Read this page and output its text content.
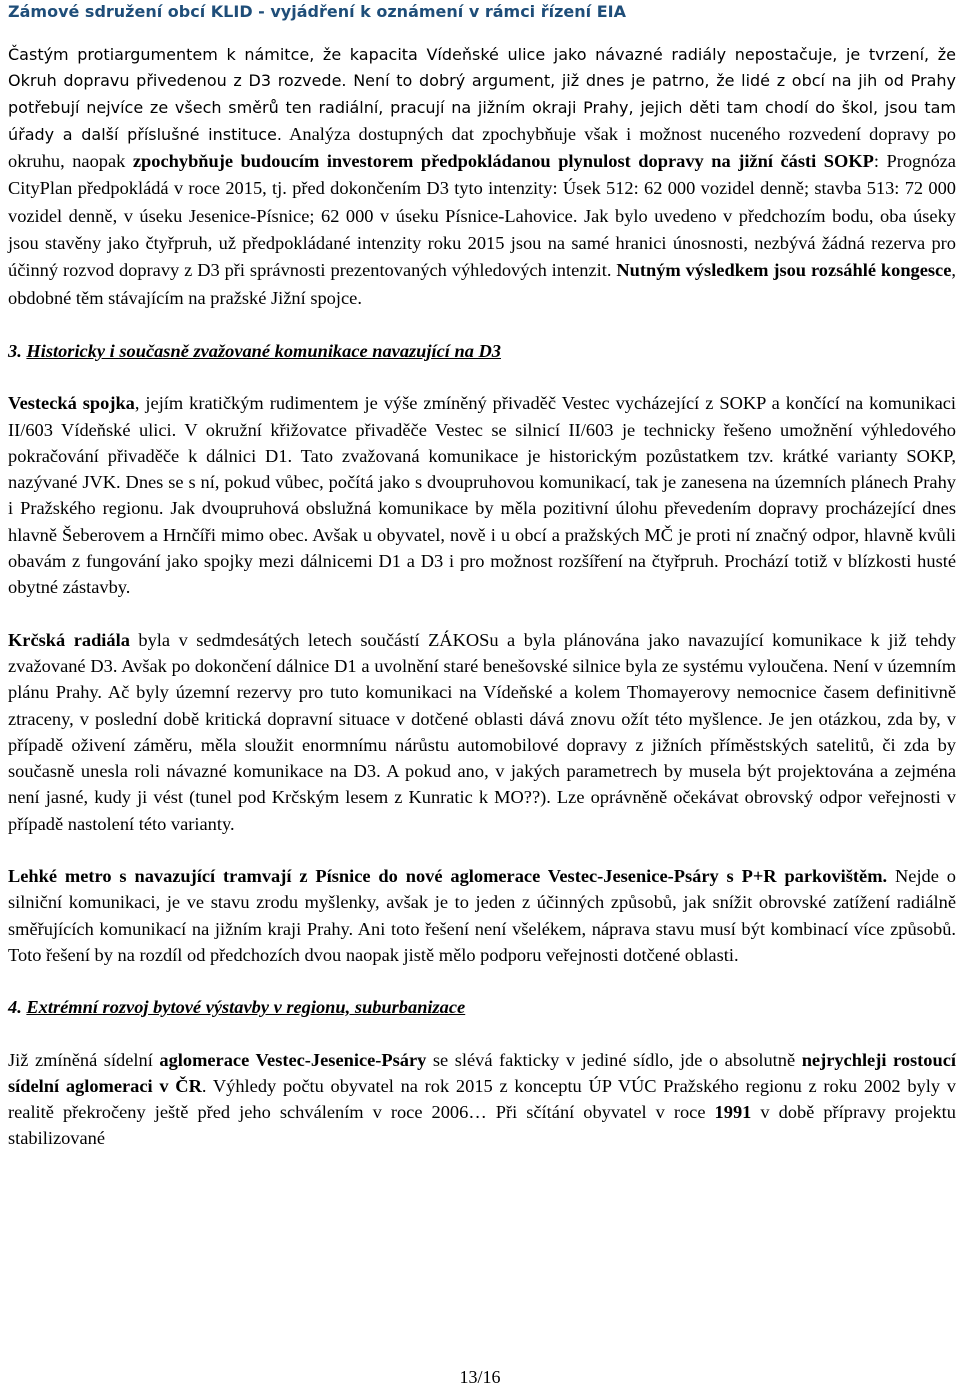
Zámové sdružení obcí KLID - vyjádření k oznámení v rámci řízení EIA

Častým protiargumentem k námitce, že kapacita Vídeňské ulice jako návazné radiály nepostačuje, je tvrzení, že Okruh dopravu přivedenou z D3 rozvede. Není to dobrý argument, již dnes je patrno, že lidé z obcí na jih od Prahy potřebují nejvíce ze všech směrů ten radiální, pracují na jižním okraji Prahy, jejich děti tam chodí do škol, jsou tam úřady a další příslušné instituce. Analýza dostupných dat zpochybňuje však i možnost nuceného rozvedení dopravy po okruhu, naopak zpochybňuje budoucím investorem předpokládanou plynulost dopravy na jižní části SOKP: Prognóza CityPlan předpokládá v roce 2015, tj. před dokončením D3 tyto intenzity: Úsek 512: 62 000 vozidel denně; stavba 513: 72 000 vozidel denně, v úseku Jesenice-Písnice; 62 000 v úseku Písnice-Lahovice. Jak bylo uvedeno v předchozím bodu, oba úseky jsou stavěny jako čtyřpruh, už předpokládané intenzity roku 2015 jsou na samé hranici únosnosti, nezbývá žádná rezerva pro účinný rozvod dopravy z D3 při správnosti prezentovaných výhledových intenzit. Nutným výsledkem jsou rozsáhlé kongesce, obdobné těm stávajícím na pražské Jižní spojce.

3. Historicky i současně zvažované komunikace navazující na D3

Vestecká spojka, jejím kratičkým rudimentem je výše zmíněný přivaděč Vestec vycházející z SOKP a končící na komunikaci II/603 Vídeňské ulici. V okružní křižovatce přivaděče Vestec se silnicí II/603 je technicky řešeno umožnění výhledového pokračování přivaděče k dálnici D1. Tato zvažovaná komunikace je historickým pozůstatkem tzv. krátké varianty SOKP, nazývané JVK. Dnes se s ní, pokud vůbec, počítá jako s dvoupruhovou komunikací, tak je zanesena na územních plánech Prahy i Pražského regionu. Jak dvoupruhová obslužná komunikace by měla pozitivní úlohu převedením dopravy procházející dnes hlavně Šeberovem a Hrnčíři mimo obec. Avšak u obyvatel, nově i u obcí a pražských MČ je proti ní značný odpor, hlavně kvůli obavám z fungování jako spojky mezi dálnicemi D1 a D3 i pro možnost rozšíření na čtyřpruh. Prochází totiž v blízkosti husté obytné zástavby.

Krčská radiála byla v sedmdesátých letech součástí ZÁKOSu a byla plánována jako navazující komunikace k již tehdy zvažované D3. Avšak po dokončení dálnice D1 a uvolnění staré benešovské silnice byla ze systému vyloučena. Není v územním plánu Prahy. Ač byly územní rezervy pro tuto komunikaci na Vídeňské a kolem Thomayerovy nemocnice časem definitivně ztraceny, v poslední době kritická dopravní situace v dotčené oblasti dává znovu ožít této myšlence. Je jen otázkou, zda by, v případě oživení záměru, měla sloužit enormnímu nárůstu automobilové dopravy z jižních příměstských satelitů, či zda by současně unesla roli návazné komunikace na D3. A pokud ano, v jakých parametrech by musela být projektována a zejména není jasné, kudy ji vést (tunel pod Krčským lesem z Kunratic k MO??). Lze oprávněně očekávat obrovský odpor veřejnosti v případě nastolení této varianty.

Lehké metro s navazující tramvají z Písnice do nové aglomerace Vestec-Jesenice-Psáry s P+R parkovištěm. Nejde o silniční komunikaci, je ve stavu zrodu myšlenky, avšak je to jeden z účinných způsobů, jak snížit obrovské zatížení radiálně směřujících komunikací na jižním kraji Prahy. Ani toto řešení není všelékem, náprava stavu musí být kombinací více způsobů. Toto řešení by na rozdíl od předchozích dvou naopak jistě mělo podporu veřejnosti dotčené oblasti.

4. Extrémní rozvoj bytové výstavby v regionu, suburbanizace

Již zmíněná sídelní aglomerace Vestec-Jesenice-Psáry se slévá fakticky v jediné sídlo, jde o absolutně nejrychleji rostoucí sídelní aglomeraci v ČR. Výhledy počtu obyvatel na rok 2015 z konceptu ÚP VÚC Pražského regionu z roku 2002 byly v realitě překročeny ještě před jeho schválením v roce 2006… Při sčítání obyvatel v roce 1991 v době přípravy projektu stabilizované

13/16
